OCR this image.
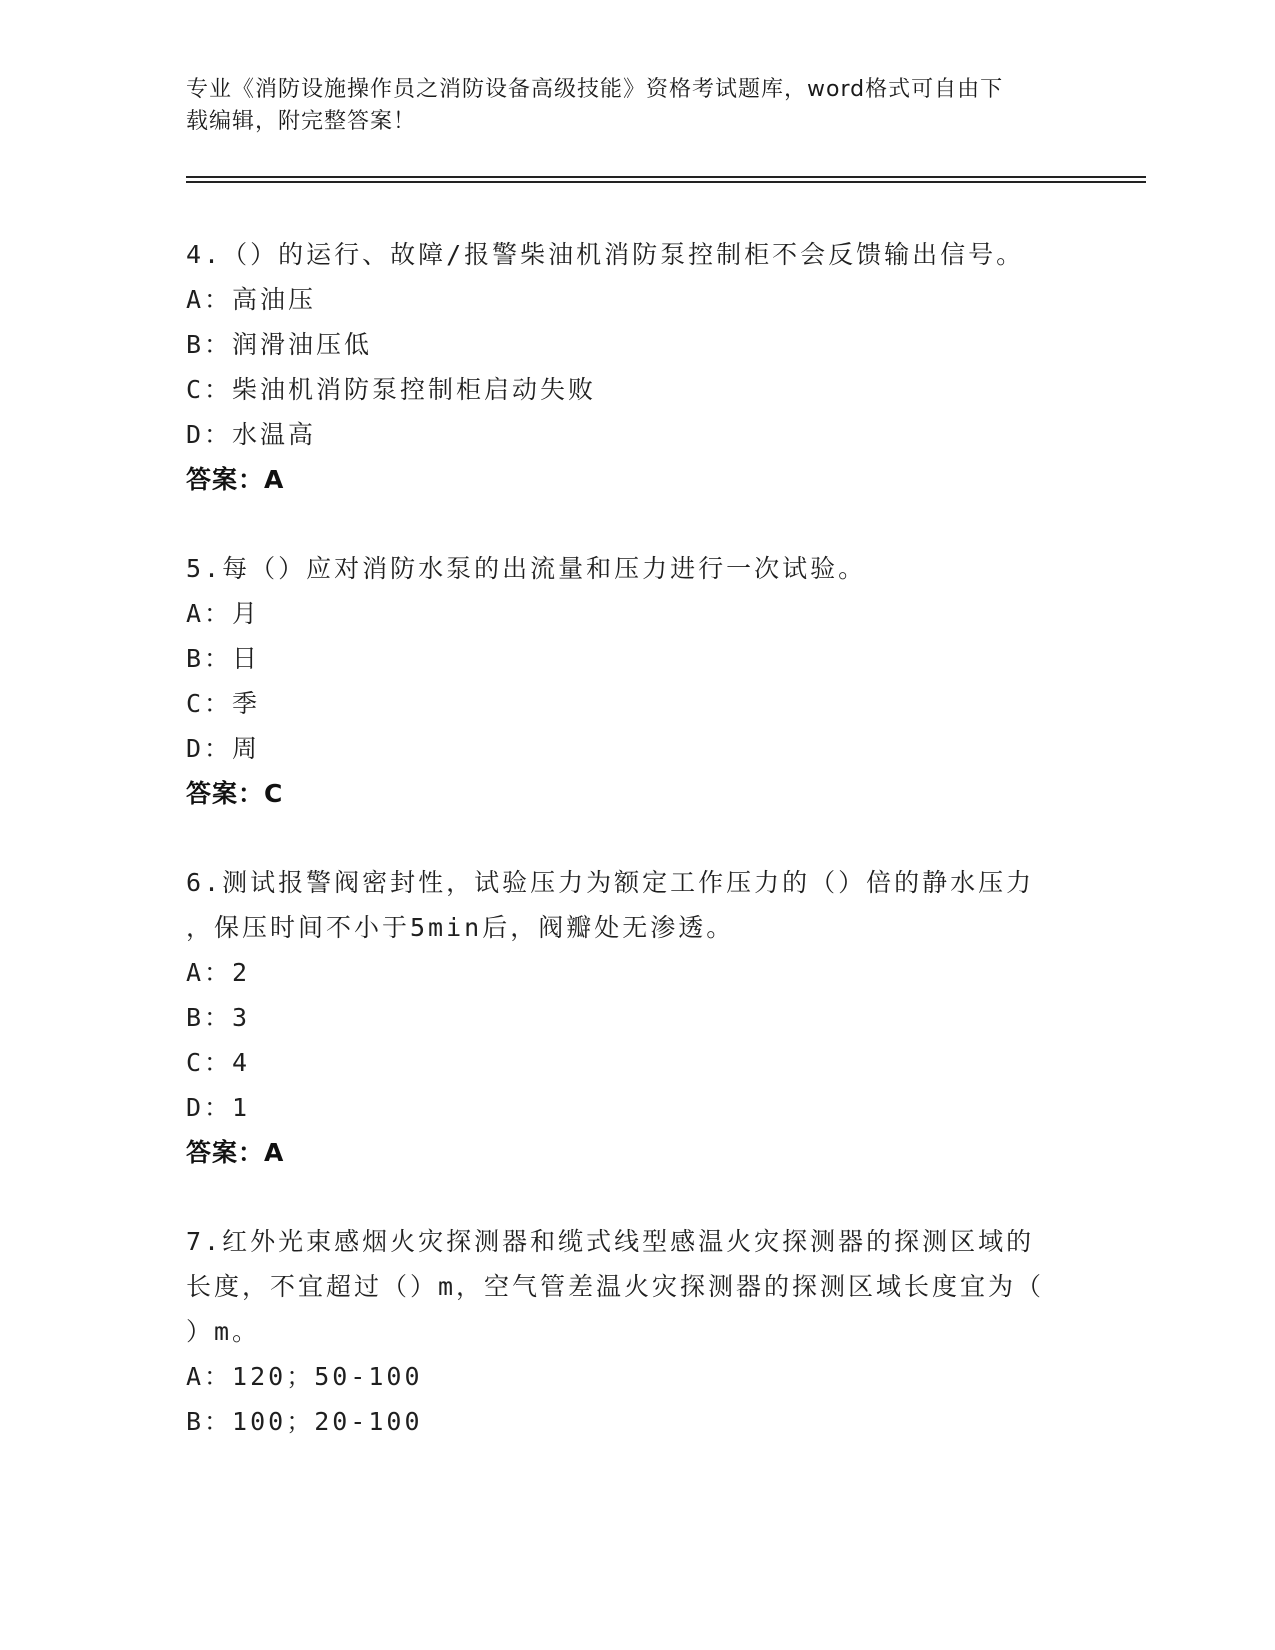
专业《消防设施操作员之消防设备高级技能》资格考试题库，word格式可自由下
载编辑，附完整答案！
4.（）的运行、故障/报警柴油机消防泵控制柜不会反馈输出信号。
A：高油压
B：润滑油压低
C：柴油机消防泵控制柜启动失败
D：水温高
答案：A
5.每（）应对消防水泵的出流量和压力进行一次试验。
A：月
B：日
C：季
D：周
答案：C
6.测试报警阀密封性，试验压力为额定工作压力的（）倍的静水压力
，保压时间不小于5min后，阀瓣处无渗透。
A：2
B：3
C：4
D：1
答案：A
7.红外光束感烟火灾探测器和缆式线型感温火灾探测器的探测区域的
长度，不宜超过（）m，空气管差温火灾探测器的探测区域长度宜为（
）m。
A：120；50-100
B：100；20-100
